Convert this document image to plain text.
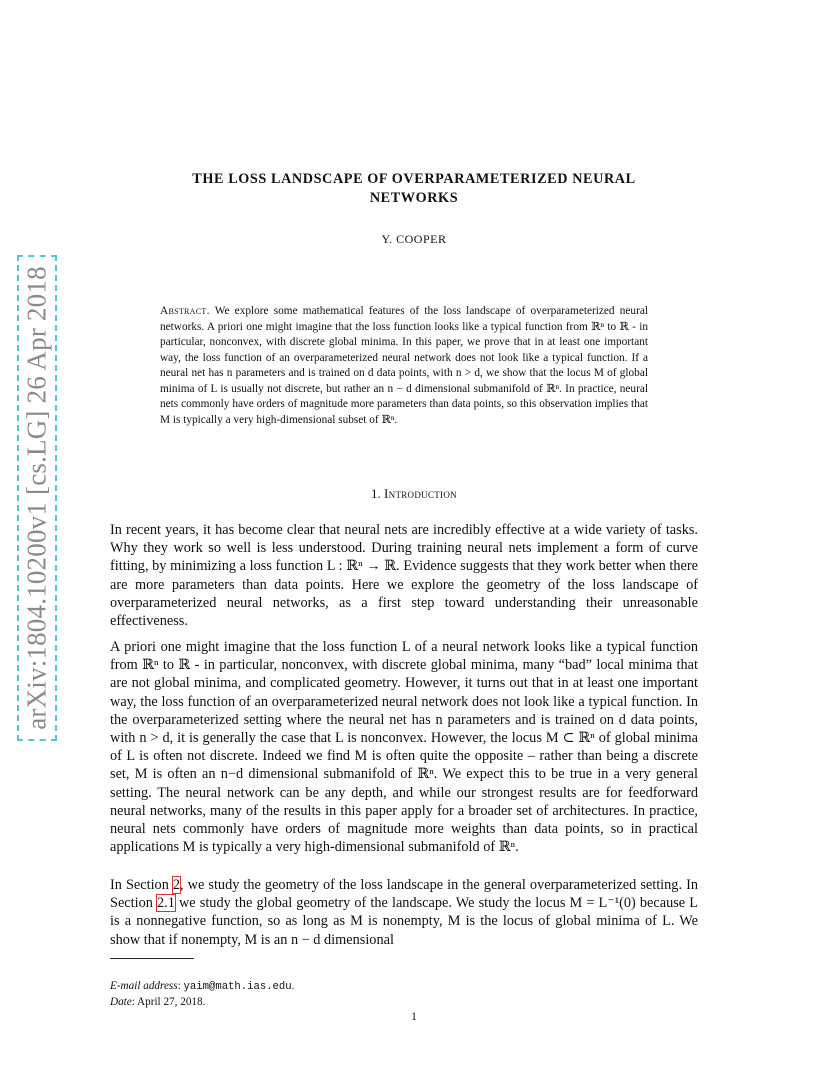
arXiv:1804.10200v1 [cs.LG] 26 Apr 2018
THE LOSS LANDSCAPE OF OVERPARAMETERIZED NEURAL
NETWORKS
Y. COOPER
Abstract. We explore some mathematical features of the loss landscape of overparameterized neural networks. A priori one might imagine that the loss function looks like a typical function from ℝⁿ to ℝ - in particular, nonconvex, with discrete global minima. In this paper, we prove that in at least one important way, the loss function of an overparameterized neural network does not look like a typical function. If a neural net has n parameters and is trained on d data points, with n > d, we show that the locus M of global minima of L is usually not discrete, but rather an n − d dimensional submanifold of ℝⁿ. In practice, neural nets commonly have orders of magnitude more parameters than data points, so this observation implies that M is typically a very high-dimensional subset of ℝⁿ.
1. Introduction

In recent years, it has become clear that neural nets are incredibly effective at a wide variety of tasks. Why they work so well is less understood. During training neural nets implement a form of curve fitting, by minimizing a loss function L : ℝⁿ → ℝ. Evidence suggests that they work better when there are more parameters than data points. Here we explore the geometry of the loss landscape of overparameterized neural networks, as a first step toward understanding their unreasonable effectiveness.

A priori one might imagine that the loss function L of a neural network looks like a typical function from ℝⁿ to ℝ - in particular, nonconvex, with discrete global minima, many “bad” local minima that are not global minima, and complicated geometry. However, it turns out that in at least one important way, the loss function of an overparameterized neural network does not look like a typical function. In the overparameterized setting where the neural net has n parameters and is trained on d data points, with n > d, it is generally the case that L is nonconvex. However, the locus M ⊂ ℝⁿ of global minima of L is often not discrete. Indeed we find M is often quite the opposite – rather than being a discrete set, M is often an n−d dimensional submanifold of ℝⁿ. We expect this to be true in a very general setting. The neural network can be any depth, and while our strongest results are for feedforward neural networks, many of the results in this paper apply for a broader set of architectures. In practice, neural nets commonly have orders of magnitude more weights than data points, so in practical applications M is typically a very high-dimensional submanifold of ℝⁿ.

In Section 2, we study the geometry of the loss landscape in the general overparameterized setting. In Section 2.1 we study the global geometry of the landscape. We study the locus M = L⁻¹(0) because L is a nonnegative function, so as long as M is nonempty, M is the locus of global minima of L. We show that if nonempty, M is an n − d dimensional

E-mail address: yaim@math.ias.edu.
Date: April 27, 2018.
1
